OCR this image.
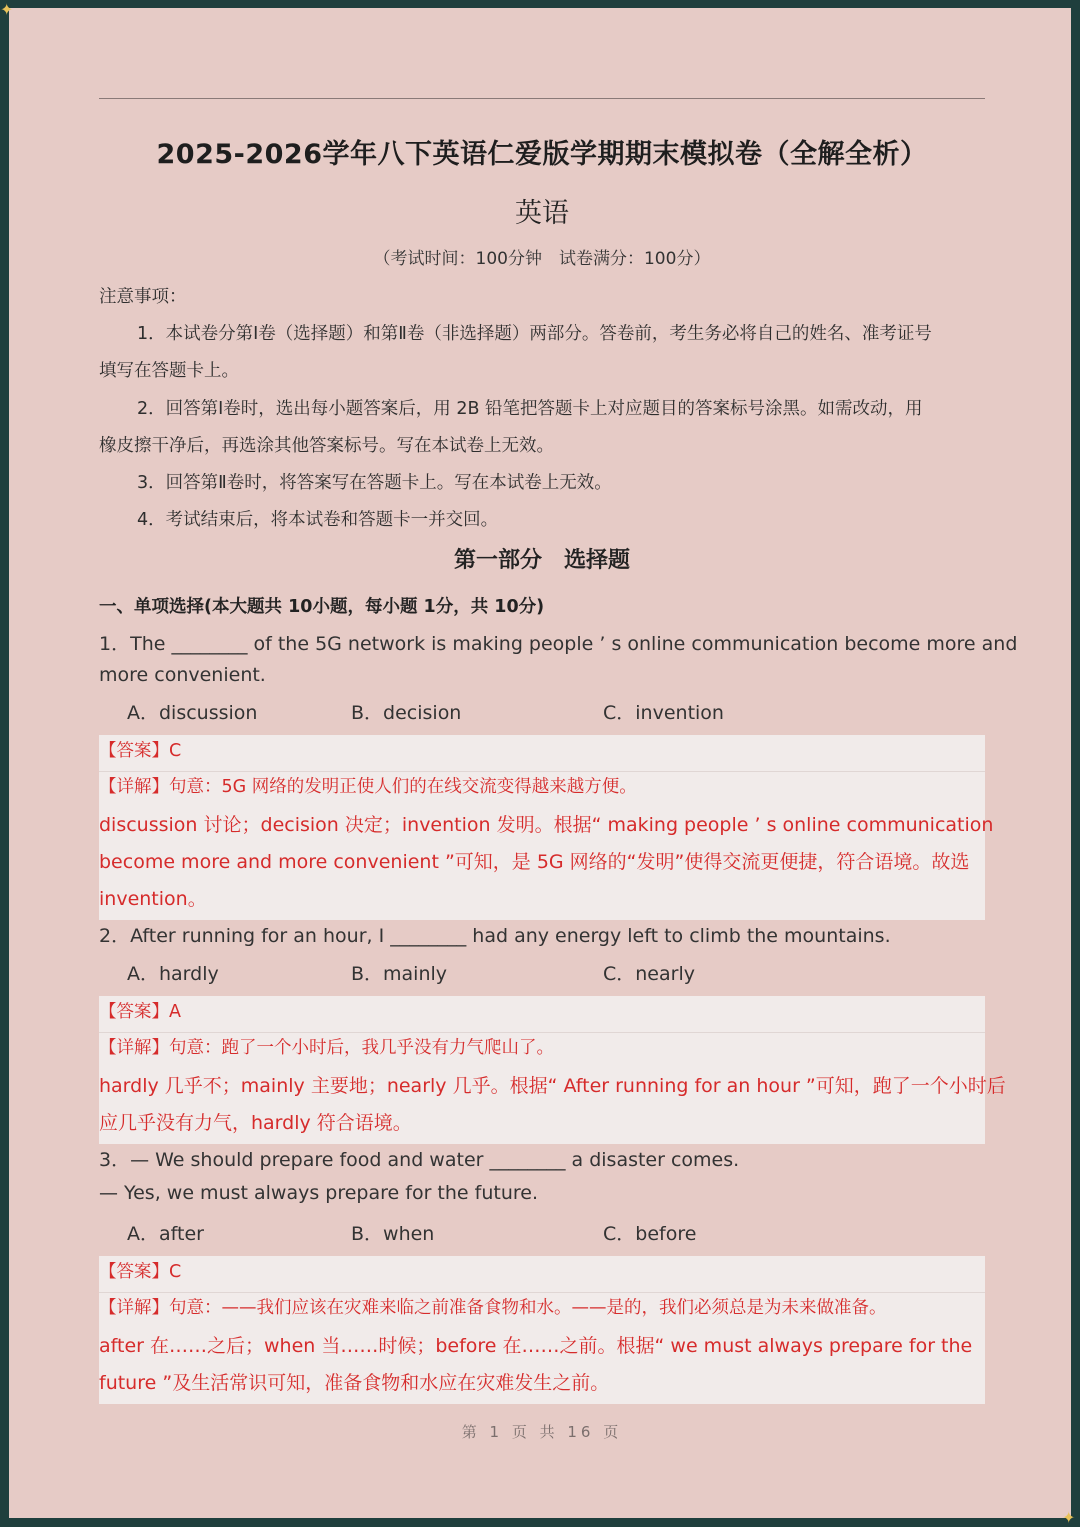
2025-2026学年八下英语仁爱版学期期末模拟卷（全解全析）
英语
（考试时间：100分钟　试卷满分：100分）
注意事项：
1．本试卷分第Ⅰ卷（选择题）和第Ⅱ卷（非选择题）两部分。答卷前，考生务必将自己的姓名、准考证号
填写在答题卡上。
2．回答第Ⅰ卷时，选出每小题答案后，用 2B 铅笔把答题卡上对应题目的答案标号涂黑。如需改动，用
橡皮擦干净后，再选涂其他答案标号。写在本试卷上无效。
3．回答第Ⅱ卷时，将答案写在答题卡上。写在本试卷上无效。
4．考试结束后，将本试卷和答题卡一并交回。
第一部分　选择题
一、单项选择(本大题共 10小题，每小题 1分，共 10分)
1．The ________ of the 5G network is making people ’ s online communication become more and
more convenient.
A．discussion	B．decision	C．invention
【答案】C
【详解】句意：5G 网络的发明正使人们的在线交流变得越来越方便。
discussion 讨论；decision 决定；invention 发明。根据“ making people ’ s online communication
become more and more convenient ”可知，是 5G 网络的“发明”使得交流更便捷，符合语境。故选
invention。
2．After running for an hour, I ________ had any energy left to climb the mountains.
A．hardly	B．mainly	C．nearly
【答案】A
【详解】句意：跑了一个小时后，我几乎没有力气爬山了。
hardly 几乎不；mainly 主要地；nearly 几乎。根据“ After running for an hour ”可知，跑了一个小时后
应几乎没有力气，hardly 符合语境。
3．— We should prepare food and water ________ a disaster comes.
— Yes, we must always prepare for the future.
A．after	B．when	C．before
【答案】C
【详解】句意：——我们应该在灾难来临之前准备食物和水。——是的，我们必须总是为未来做准备。
after 在……之后；when 当……时候；before 在……之前。根据“ we must always prepare for the
future ”及生活常识可知，准备食物和水应在灾难发生之前。
第 1 页 共 16 页
✦
✦
